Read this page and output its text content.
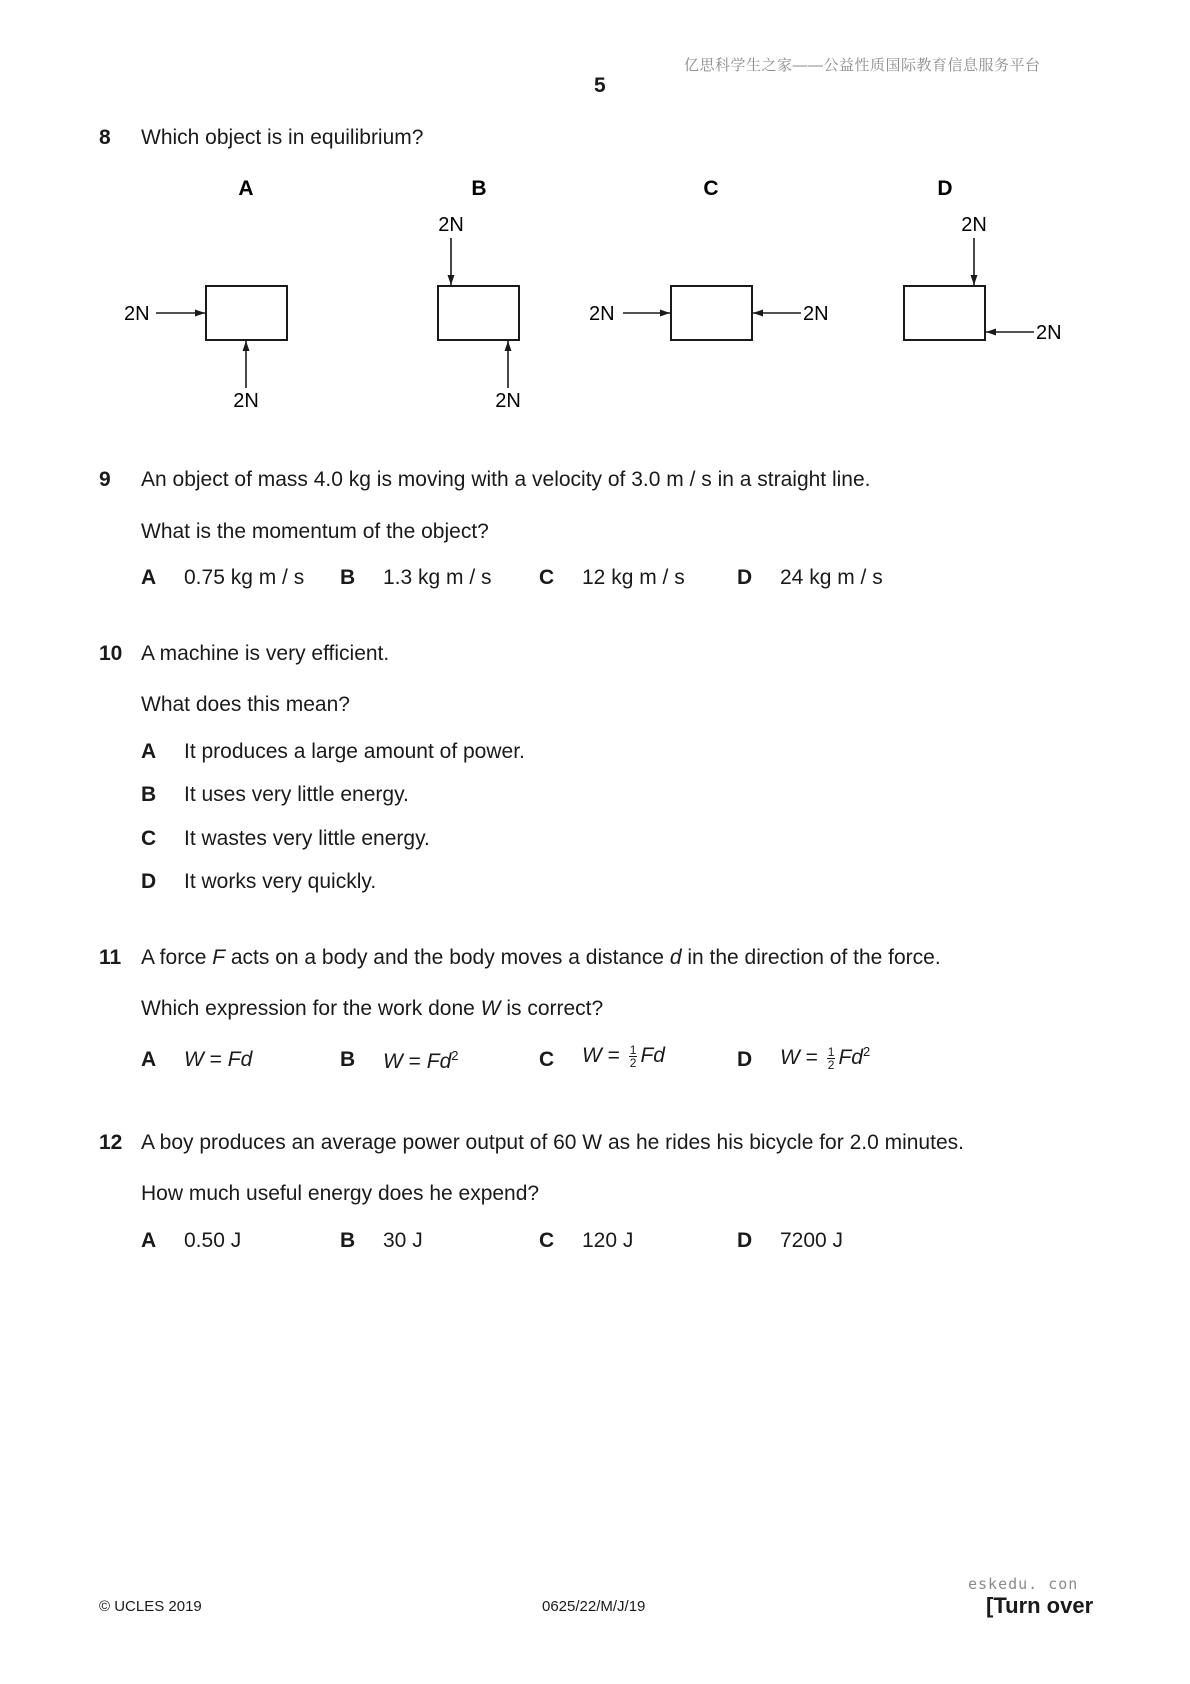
亿思科学生之家——公益性质国际教育信息服务平台
5
8 Which object is in equilibrium?
A
2N
2N
B
2N
2N
C
2N	2N
D
2N
2N
9 An object of mass 4.0 kg is moving with a velocity of 3.0 m / s in a straight line.
What is the momentum of the object?
A 0.75 kg m / s B 1.3 kg m / s C 12 kg m / s D 24 kg m / s
10 A machine is very efficient.
What does this mean?
A It produces a large amount of power.
B It uses very little energy.
C It wastes very little energy.
D It works very quickly.
11 A force F acts on a body and the body moves a distance d in the direction of the force.
Which expression for the work done W is correct?
A W = Fd	B $W = Fd^2$	C $W = \frac{1}{2}$ Fd	D $W = \frac{1}{2} Fd^2$
12 A boy produces an average power output of 60 W as he rides his bicycle for 2.0 minutes.
How much useful energy does he expend?
A 0.50 J	B 30 J	C 120 J	D 7200 J
eskedu. con
© UCLES 2019	0625/22/M/J/19	[Turn over
